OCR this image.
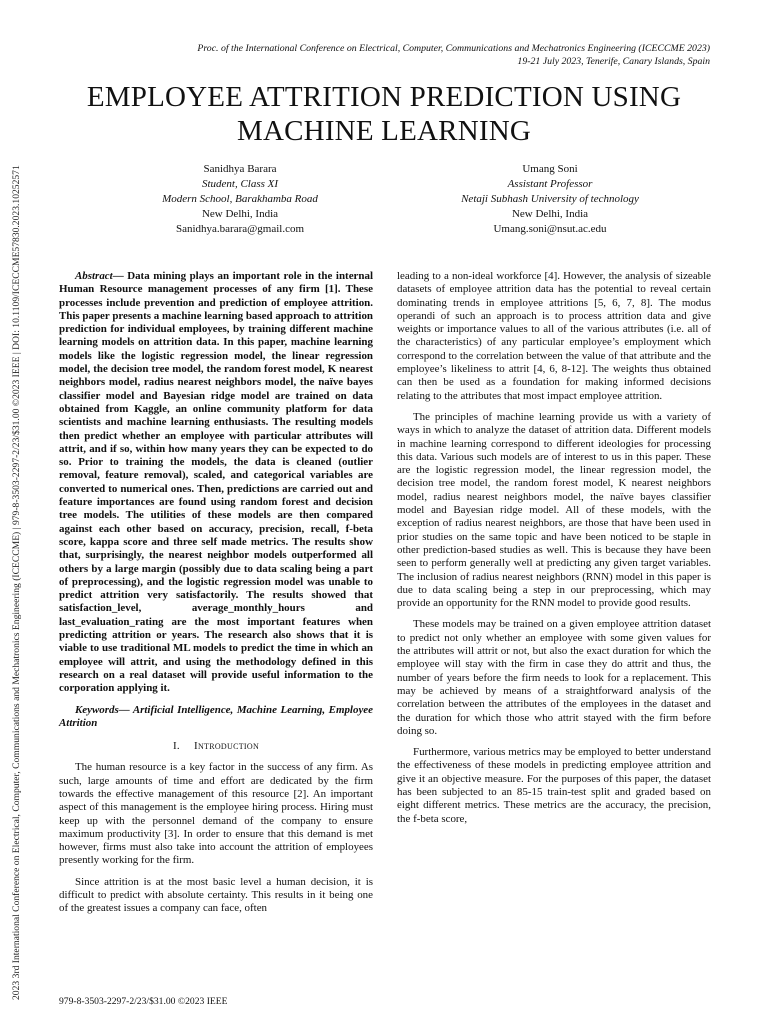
2023 3rd International Conference on Electrical, Computer, Communications and Mechatronics Engineering (ICECCME) | 979-8-3503-2297-2/23/$31.00 ©2023 IEEE | DOI: 10.1109/ICECCME57830.2023.10252571
Proc. of the International Conference on Electrical, Computer, Communications and Mechatronics Engineering (ICECCME 2023)
19-21 July 2023, Tenerife, Canary Islands, Spain
EMPLOYEE ATTRITION PREDICTION USING
MACHINE LEARNING
Sanidhya Barara
Student, Class XI
Modern School, Barakhamba Road
New Delhi, India
Sanidhya.barara@gmail.com
Umang Soni
Assistant Professor
Netaji Subhash University of technology
New Delhi, India
Umang.soni@nsut.ac.edu

Abstract— Data mining plays an important role in the internal Human Resource management processes of any firm [1]. These processes include prevention and prediction of employee attrition. This paper presents a machine learning based approach to attrition prediction for individual employees, by training different machine learning models on attrition data. In this paper, machine learning models like the logistic regression model, the linear regression model, the decision tree model, the random forest model, K nearest neighbors model, radius nearest neighbors model, the naïve bayes classifier model and Bayesian ridge model are trained on data obtained from Kaggle, an online community platform for data scientists and machine learning enthusiasts. The resulting models then predict whether an employee with particular attributes will attrit, and if so, within how many years they can be expected to do so. Prior to training the models, the data is cleaned (outlier removal, feature removal), scaled, and categorical variables are converted to numerical ones. Then, predictions are carried out and feature importances are found using random forest and decision tree models. The utilities of these models are then compared against each other based on accuracy, precision, recall, f-beta score, kappa score and three self made metrics. The results show that, surprisingly, the nearest neighbor models outperformed all others by a large margin (possibly due to data scaling being a part of preprocessing), and the logistic regression model was unable to predict attrition very satisfactorily. The results showed that satisfaction_level, average_monthly_hours and last_evaluation_rating are the most important features when predicting attrition or years. The research also shows that it is viable to use traditional ML models to predict the time in which an employee will attrit, and using the methodology defined in this research on a real dataset will provide useful information to the corporation applying it.

Keywords— Artificial Intelligence, Machine Learning, Employee Attrition

I. Introduction

The human resource is a key factor in the success of any firm. As such, large amounts of time and effort are dedicated by the firm towards the effective management of this resource [2]. An important aspect of this management is the employee hiring process. Hiring must keep up with the personnel demand of the company to ensure maximum productivity [3]. In order to ensure that this demand is met however, firms must also take into account the attrition of employees presently working for the firm.

Since attrition is at the most basic level a human decision, it is difficult to predict with absolute certainty. This results in it being one of the greatest issues a company can face, often

leading to a non-ideal workforce [4]. However, the analysis of sizeable datasets of employee attrition data has the potential to reveal certain dominating trends in employee attritions [5, 6, 7, 8]. The modus operandi of such an approach is to process attrition data and give weights or importance values to all of the various attributes (i.e. all of the characteristics) of any particular employee’s employment which correspond to the correlation between the value of that attribute and the employee’s likeliness to attrit [4, 6, 8-12]. The weights thus obtained can then be used as a foundation for making informed decisions relating to the attributes that most impact employee attrition.

The principles of machine learning provide us with a variety of ways in which to analyze the dataset of attrition data. Different models in machine learning correspond to different ideologies for processing this data. Various such models are of interest to us in this paper. These are the logistic regression model, the linear regression model, the decision tree model, the random forest model, K nearest neighbors model, radius nearest neighbors model, the naïve bayes classifier model and Bayesian ridge model. All of these models, with the exception of radius nearest neighbors, are those that have been used in prior studies on the same topic and have been noticed to be staple in other prediction-based studies as well. This is because they have been seen to perform generally well at predicting any given target variables. The inclusion of radius nearest neighbors (RNN) model in this paper is due to data scaling being a step in our preprocessing, which may provide an opportunity for the RNN model to provide good results.

These models may be trained on a given employee attrition dataset to predict not only whether an employee with some given values for the attributes will attrit or not, but also the exact duration for which the employee will stay with the firm in case they do attrit and thus, the number of years before the firm needs to look for a replacement. This may be achieved by means of a straightforward analysis of the correlation between the attributes of the employees in the dataset and the duration for which those who attrit stayed with the firm before doing so.

Furthermore, various metrics may be employed to better understand the effectiveness of these models in predicting employee attrition and give it an objective measure. For the purposes of this paper, the dataset has been subjected to an 85-15 train-test split and graded based on eight different metrics. These metrics are the accuracy, the precision, the f-beta score,

979-8-3503-2297-2/23/$31.00 ©2023 IEEE
